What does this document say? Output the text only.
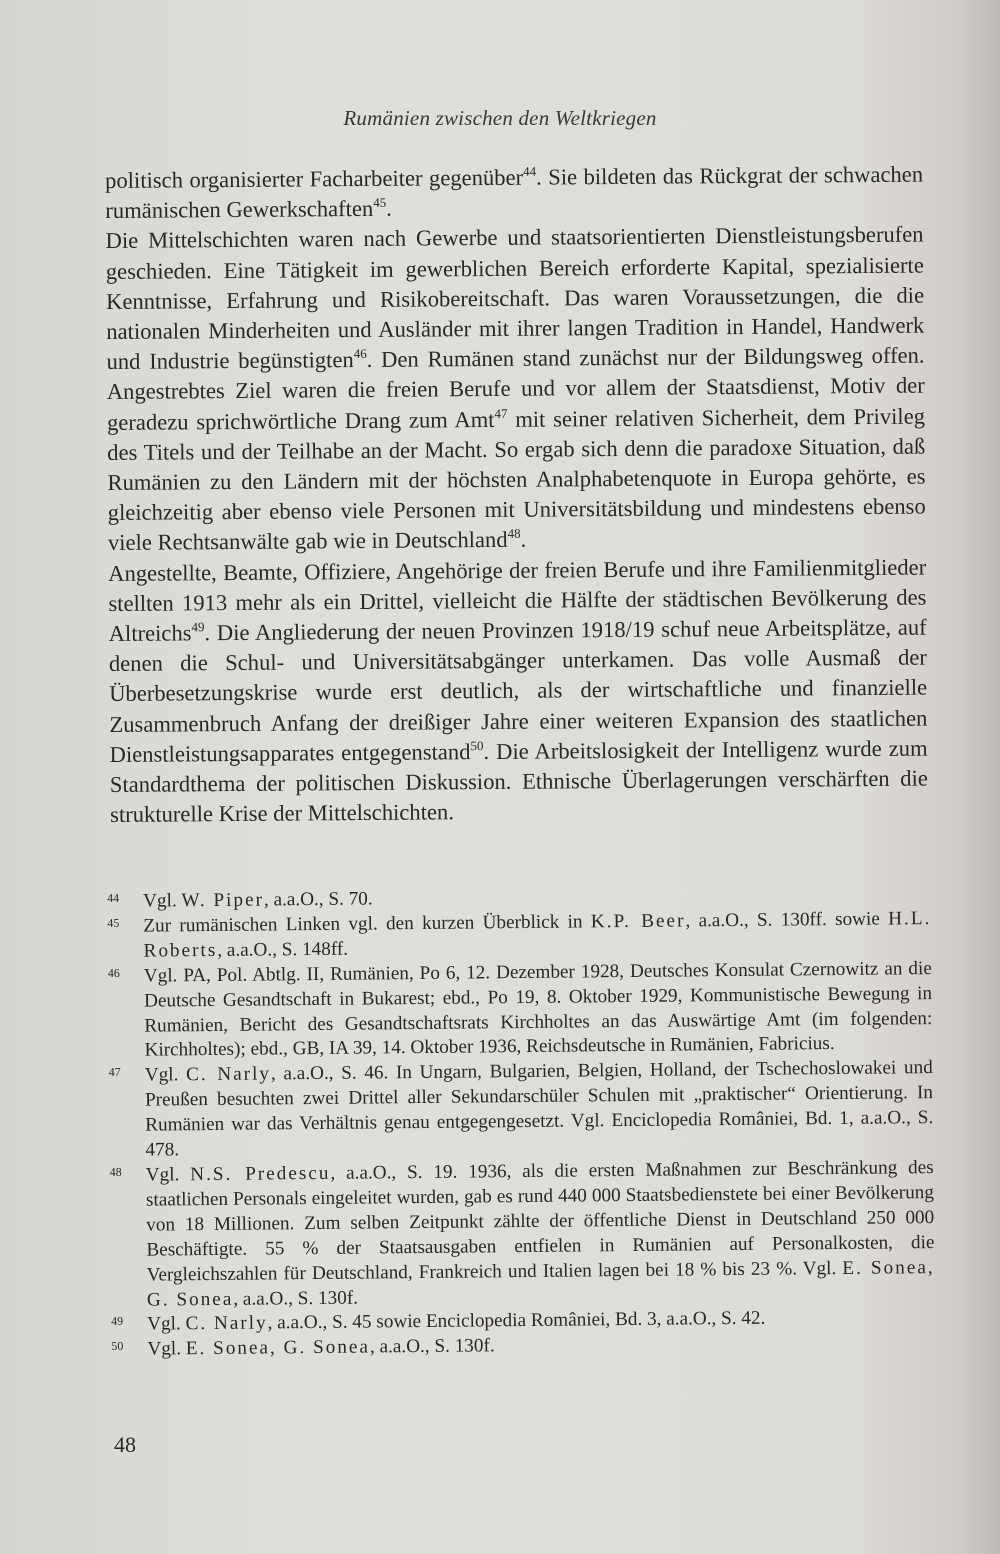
Rumänien zwischen den Weltkriegen

politisch organisierter Facharbeiter gegenüber$^{44}$. Sie bildeten das Rückgrat der schwachen rumänischen Gewerkschaften$^{45}$.

Die Mittelschichten waren nach Gewerbe und staatsorientierten Dienstleistungsberufen geschieden. Eine Tätigkeit im gewerblichen Bereich erforderte Kapital, spezialisierte Kenntnisse, Erfahrung und Risikobereitschaft. Das waren Voraussetzungen, die die nationalen Minderheiten und Ausländer mit ihrer langen Tradition in Handel, Handwerk und Industrie begünstigten$^{46}$. Den Rumänen stand zunächst nur der Bildungsweg offen. Angestrebtes Ziel waren die freien Berufe und vor allem der Staatsdienst, Motiv der geradezu sprichwörtliche Drang zum Amt$^{47}$ mit seiner relativen Sicherheit, dem Privileg des Titels und der Teilhabe an der Macht. So ergab sich denn die paradoxe Situation, daß Rumänien zu den Ländern mit der höchsten Analphabetenquote in Europa gehörte, es gleichzeitig aber ebenso viele Personen mit Universitätsbildung und mindestens ebenso viele Rechtsanwälte gab wie in Deutschland$^{48}$.

Angestellte, Beamte, Offiziere, Angehörige der freien Berufe und ihre Familienmitglieder stellten 1913 mehr als ein Drittel, vielleicht die Hälfte der städtischen Bevölkerung des Altreichs$^{49}$. Die Angliederung der neuen Provinzen 1918/19 schuf neue Arbeitsplätze, auf denen die Schul- und Universitätsabgänger unterkamen. Das volle Ausmaß der Überbesetzungskrise wurde erst deutlich, als der wirtschaftliche und finanzielle Zusammenbruch Anfang der dreißiger Jahre einer weiteren Expansion des staatlichen Dienstleistungsapparates entgegenstand$^{50}$. Die Arbeitslosigkeit der Intelligenz wurde zum Standardthema der politischen Diskussion. Ethnische Überlagerungen verschärften die strukturelle Krise der Mittelschichten.

44 Vgl. W. Piper, a.a.O., S. 70.

45 Zur rumänischen Linken vgl. den kurzen Überblick in K.P. Beer, a.a.O., S. 130ff. sowie H.L. Roberts, a.a.O., S. 148ff.

46 Vgl. PA, Pol. Abtlg. II, Rumänien, Po 6, 12. Dezember 1928, Deutsches Konsulat Czernowitz an die Deutsche Gesandtschaft in Bukarest; ebd., Po 19, 8. Oktober 1929, Kommunistische Bewegung in Rumänien, Bericht des Gesandtschaftsrats Kirchholtes an das Auswärtige Amt (im folgenden: Kirchholtes); ebd., GB, IA 39, 14. Oktober 1936, Reichsdeutsche in Rumänien, Fabricius.

47 Vgl. C. Narly, a.a.O., S. 46. In Ungarn, Bulgarien, Belgien, Holland, der Tschechoslowakei und Preußen besuchten zwei Drittel aller Sekundarschüler Schulen mit „praktischer“ Orientierung. In Rumänien war das Verhältnis genau entgegengesetzt. Vgl. Enciclopedia României, Bd. 1, a.a.O., S. 478.

48 Vgl. N.S. Predescu, a.a.O., S. 19. 1936, als die ersten Maßnahmen zur Beschränkung des staatlichen Personals eingeleitet wurden, gab es rund 440 000 Staatsbedienstete bei einer Bevölkerung von 18 Millionen. Zum selben Zeitpunkt zählte der öffentliche Dienst in Deutschland 250 000 Beschäftigte. 55 % der Staatsausgaben entfielen in Rumänien auf Personalkosten, die Vergleichszahlen für Deutschland, Frankreich und Italien lagen bei 18 % bis 23 %. Vgl. E. Sonea, G. Sonea, a.a.O., S. 130f.

49 Vgl. C. Narly, a.a.O., S. 45 sowie Enciclopedia României, Bd. 3, a.a.O., S. 42.

50 Vgl. E. Sonea, G. Sonea, a.a.O., S. 130f.

48
